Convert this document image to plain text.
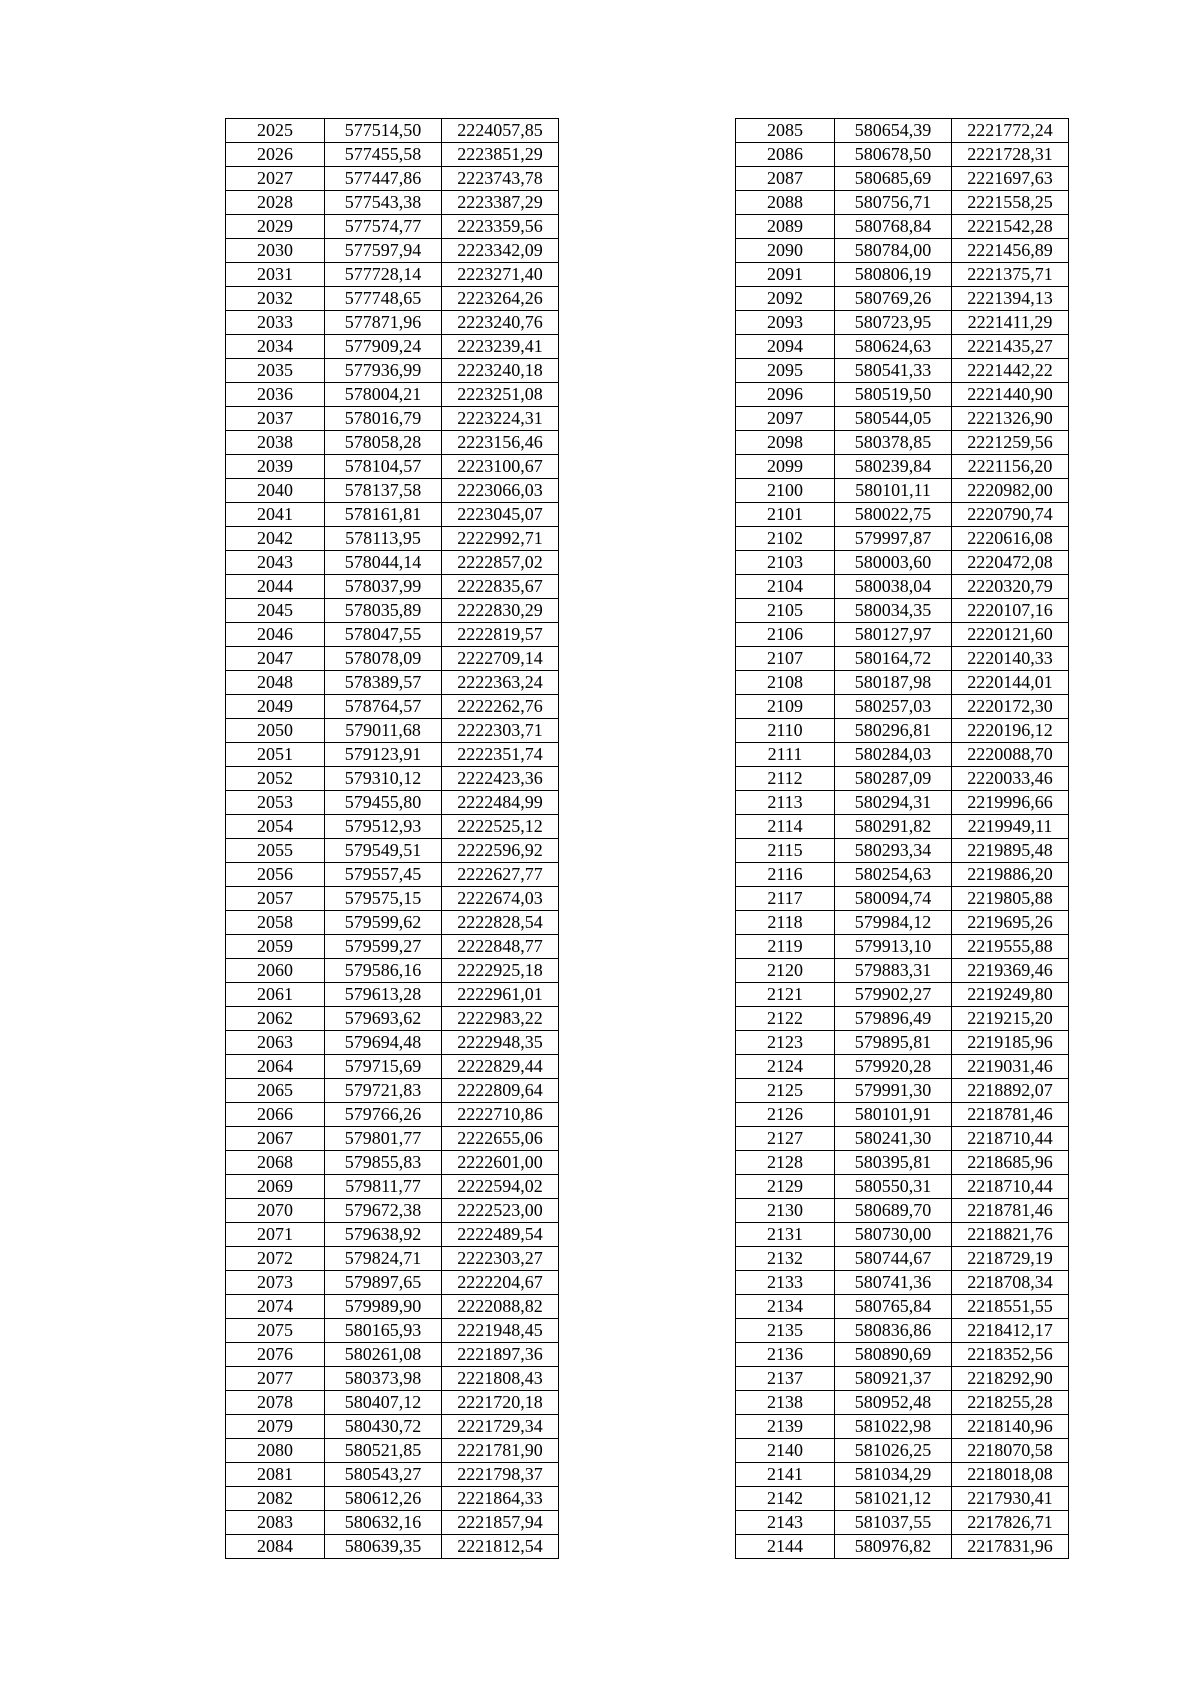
2025	577514,50	2224057,85
2026	577455,58	2223851,29
2027	577447,86	2223743,78
2028	577543,38	2223387,29
2029	577574,77	2223359,56
2030	577597,94	2223342,09
2031	577728,14	2223271,40
2032	577748,65	2223264,26
2033	577871,96	2223240,76
2034	577909,24	2223239,41
2035	577936,99	2223240,18
2036	578004,21	2223251,08
2037	578016,79	2223224,31
2038	578058,28	2223156,46
2039	578104,57	2223100,67
2040	578137,58	2223066,03
2041	578161,81	2223045,07
2042	578113,95	2222992,71
2043	578044,14	2222857,02
2044	578037,99	2222835,67
2045	578035,89	2222830,29
2046	578047,55	2222819,57
2047	578078,09	2222709,14
2048	578389,57	2222363,24
2049	578764,57	2222262,76
2050	579011,68	2222303,71
2051	579123,91	2222351,74
2052	579310,12	2222423,36
2053	579455,80	2222484,99
2054	579512,93	2222525,12
2055	579549,51	2222596,92
2056	579557,45	2222627,77
2057	579575,15	2222674,03
2058	579599,62	2222828,54
2059	579599,27	2222848,77
2060	579586,16	2222925,18
2061	579613,28	2222961,01
2062	579693,62	2222983,22
2063	579694,48	2222948,35
2064	579715,69	2222829,44
2065	579721,83	2222809,64
2066	579766,26	2222710,86
2067	579801,77	2222655,06
2068	579855,83	2222601,00
2069	579811,77	2222594,02
2070	579672,38	2222523,00
2071	579638,92	2222489,54
2072	579824,71	2222303,27
2073	579897,65	2222204,67
2074	579989,90	2222088,82
2075	580165,93	2221948,45
2076	580261,08	2221897,36
2077	580373,98	2221808,43
2078	580407,12	2221720,18
2079	580430,72	2221729,34
2080	580521,85	2221781,90
2081	580543,27	2221798,37
2082	580612,26	2221864,33
2083	580632,16	2221857,94
2084	580639,35	2221812,54
2085	580654,39	2221772,24
2086	580678,50	2221728,31
2087	580685,69	2221697,63
2088	580756,71	2221558,25
2089	580768,84	2221542,28
2090	580784,00	2221456,89
2091	580806,19	2221375,71
2092	580769,26	2221394,13
2093	580723,95	2221411,29
2094	580624,63	2221435,27
2095	580541,33	2221442,22
2096	580519,50	2221440,90
2097	580544,05	2221326,90
2098	580378,85	2221259,56
2099	580239,84	2221156,20
2100	580101,11	2220982,00
2101	580022,75	2220790,74
2102	579997,87	2220616,08
2103	580003,60	2220472,08
2104	580038,04	2220320,79
2105	580034,35	2220107,16
2106	580127,97	2220121,60
2107	580164,72	2220140,33
2108	580187,98	2220144,01
2109	580257,03	2220172,30
2110	580296,81	2220196,12
2111	580284,03	2220088,70
2112	580287,09	2220033,46
2113	580294,31	2219996,66
2114	580291,82	2219949,11
2115	580293,34	2219895,48
2116	580254,63	2219886,20
2117	580094,74	2219805,88
2118	579984,12	2219695,26
2119	579913,10	2219555,88
2120	579883,31	2219369,46
2121	579902,27	2219249,80
2122	579896,49	2219215,20
2123	579895,81	2219185,96
2124	579920,28	2219031,46
2125	579991,30	2218892,07
2126	580101,91	2218781,46
2127	580241,30	2218710,44
2128	580395,81	2218685,96
2129	580550,31	2218710,44
2130	580689,70	2218781,46
2131	580730,00	2218821,76
2132	580744,67	2218729,19
2133	580741,36	2218708,34
2134	580765,84	2218551,55
2135	580836,86	2218412,17
2136	580890,69	2218352,56
2137	580921,37	2218292,90
2138	580952,48	2218255,28
2139	581022,98	2218140,96
2140	581026,25	2218070,58
2141	581034,29	2218018,08
2142	581021,12	2217930,41
2143	581037,55	2217826,71
2144	580976,82	2217831,96
